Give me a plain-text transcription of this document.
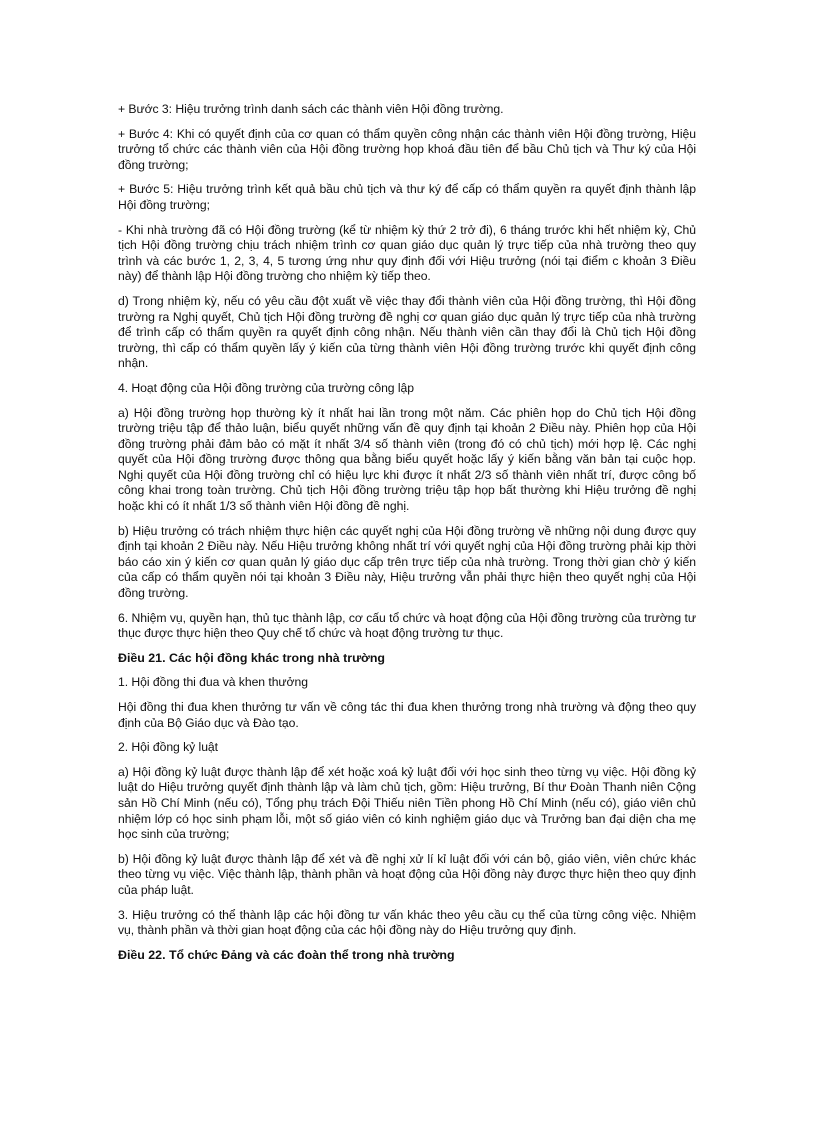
+ Bước 3: Hiệu trưởng trình danh sách các thành viên Hội đồng trường.

+ Bước 4: Khi có quyết định của cơ quan có thẩm quyền công nhận các thành viên Hội đồng trường, Hiệu trưởng tổ chức các thành viên của Hội đồng trường họp khoá đầu tiên để bầu Chủ tịch và Thư ký của Hội đồng trường;

+ Bước 5: Hiệu trưởng trình kết quả bầu chủ tịch và thư ký để cấp có thẩm quyền ra quyết định thành lập Hội đồng trường;

- Khi nhà trường đã có Hội đồng trường (kể từ nhiệm kỳ thứ 2 trở đi), 6 tháng trước khi hết nhiệm kỳ, Chủ tịch Hội đồng trường chịu trách nhiệm trình cơ quan giáo dục quản lý trực tiếp của nhà trường theo quy trình và các bước 1, 2, 3, 4, 5 tương ứng như quy định đối với Hiệu trưởng (nói tại điểm c khoản 3 Điều này) để thành lập Hội đồng trường cho nhiệm kỳ tiếp theo.

d) Trong nhiệm kỳ, nếu có yêu cầu đột xuất về việc thay đổi thành viên của Hội đồng trường, thì Hội đồng trường ra Nghị quyết, Chủ tịch Hội đồng trường đề nghị cơ quan giáo dục quản lý trực tiếp của nhà trường để trình cấp có thẩm quyền ra quyết định công nhận. Nếu thành viên cần thay đổi là Chủ tịch Hội đồng trường, thì cấp có thẩm quyền lấy ý kiến của từng thành viên Hội đồng trường trước khi quyết định công nhận.

4. Hoạt động của Hội đồng trường của trường công lập

a) Hội đồng trường họp thường kỳ ít nhất hai lần trong một năm. Các phiên họp do Chủ tịch Hội đồng trường triệu tập để thảo luận, biểu quyết những vấn đề quy định tại khoản 2 Điều này. Phiên họp của Hội đồng trường phải đảm bảo có mặt ít nhất 3/4 số thành viên (trong đó có chủ tịch) mới hợp lệ. Các nghị quyết của Hội đồng trường được thông qua bằng biểu quyết hoặc lấy ý kiến bằng văn bản tại cuộc họp. Nghị quyết của Hội đồng trường chỉ có hiệu lực khi được ít nhất 2/3 số thành viên nhất trí, được công bố công khai trong toàn trường. Chủ tịch Hội đồng trường triệu tập họp bất thường khi Hiệu trưởng đề nghị hoặc khi có ít nhất 1/3 số thành viên Hội đồng đề nghị.

b) Hiệu trưởng có trách nhiệm thực hiện các quyết nghị của Hội đồng trường về những nội dung được quy định tại khoản 2 Điều này. Nếu Hiệu trưởng không nhất trí với quyết nghị của Hội đồng trường phải kịp thời báo cáo xin ý kiến cơ quan quản lý giáo dục cấp trên trực tiếp của nhà trường. Trong thời gian chờ ý kiến của cấp có thẩm quyền nói tại khoản 3 Điều này, Hiệu trưởng vẫn phải thực hiện theo quyết nghị của Hội đồng trường.

6. Nhiệm vụ, quyền hạn, thủ tục thành lập, cơ cấu tổ chức và hoạt động của Hội đồng trường của trường tư thục được thực hiện theo Quy chế tổ chức và hoạt động trường tư thục.

Điều 21. Các hội đồng khác trong nhà trường

1. Hội đồng thi đua và khen thưởng

Hội đồng thi đua khen thưởng tư vấn về công tác thi đua khen thưởng trong nhà trường và động theo quy định của Bộ Giáo dục và Đào tạo.

2. Hội đồng kỷ luật

a) Hội đồng kỷ luật được thành lập để xét hoặc xoá kỷ luật đối với học sinh theo từng vụ việc. Hội đồng kỷ luật do Hiệu trưởng quyết định thành lập và làm chủ tịch, gồm: Hiệu trưởng, Bí thư Đoàn Thanh niên Cộng sản Hồ Chí Minh (nếu có), Tổng phụ trách Đội Thiếu niên Tiền phong Hồ Chí Minh (nếu có), giáo viên chủ nhiệm lớp có học sinh phạm lỗi, một số giáo viên có kinh nghiệm giáo dục và Trưởng ban đại diện cha mẹ học sinh của trường;

b) Hội đồng kỷ luật được thành lập để xét và đề nghị xử lí kỉ luật đối với cán bộ, giáo viên, viên chức khác theo từng vụ việc. Việc thành lập, thành phần và hoạt động của Hội đồng này được thực hiện theo quy định của pháp luật.

3. Hiệu trưởng có thể thành lập các hội đồng tư vấn khác theo yêu cầu cụ thể của từng công việc. Nhiệm vụ, thành phần và thời gian hoạt động của các hội đồng này do Hiệu trưởng quy định.

Điều 22. Tổ chức Đảng và các đoàn thể trong nhà trường
